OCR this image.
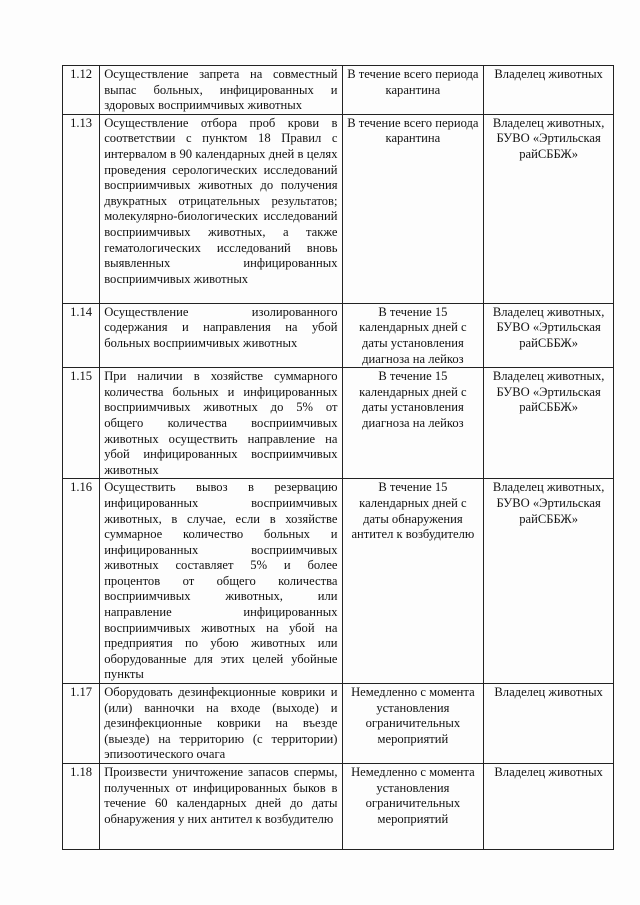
1.12	Осуществление запрета на совместный выпас больных, инфицированных и здоровых восприимчивых животных	В течение всего периода карантина	Владелец животных
1.13	Осуществление отбора проб крови в соответствии с пунктом 18 Правил с интервалом в 90 календарных дней в целях проведения серологических исследований восприимчивых животных до получения двукратных отрицательных результатов; молекулярно-биологических исследований восприимчивых животных, а также гематологических исследований вновь выявленных инфицированных восприимчивых животных	В течение всего периода карантина	Владелец животных, БУВО «Эртильская райСББЖ»
1.14	Осуществление изолированного содержания и направления на убой больных восприимчивых животных	В течение 15 календарных дней с даты установления диагноза на лейкоз	Владелец животных, БУВО «Эртильская райСББЖ»
1.15	При наличии в хозяйстве суммарного количества больных и инфицированных восприимчивых животных до 5% от общего количества восприимчивых животных осуществить направление на убой инфицированных восприимчивых животных	В течение 15 календарных дней с даты установления диагноза на лейкоз	Владелец животных, БУВО «Эртильская райСББЖ»
1.16	Осуществить вывоз в резервацию инфицированных восприимчивых животных, в случае, если в хозяйстве суммарное количество больных и инфицированных восприимчивых животных составляет 5% и более процентов от общего количества восприимчивых животных, или направление инфицированных восприимчивых животных на убой на предприятия по убою животных или оборудованные для этих целей убойные пункты	В течение 15 календарных дней с даты обнаружения антител к возбудителю	Владелец животных, БУВО «Эртильская райСББЖ»
1.17	Оборудовать дезинфекционные коврики и (или) ванночки на входе (выходе) и дезинфекционные коврики на въезде (выезде) на территорию (с территории) эпизоотического очага	Немедленно с момента установления ограничительных мероприятий	Владелец животных
1.18	Произвести уничтожение запасов спермы, полученных от инфицированных быков в течение 60 календарных дней до даты обнаружения у них антител к возбудителю	Немедленно с момента установления ограничительных мероприятий	Владелец животных
